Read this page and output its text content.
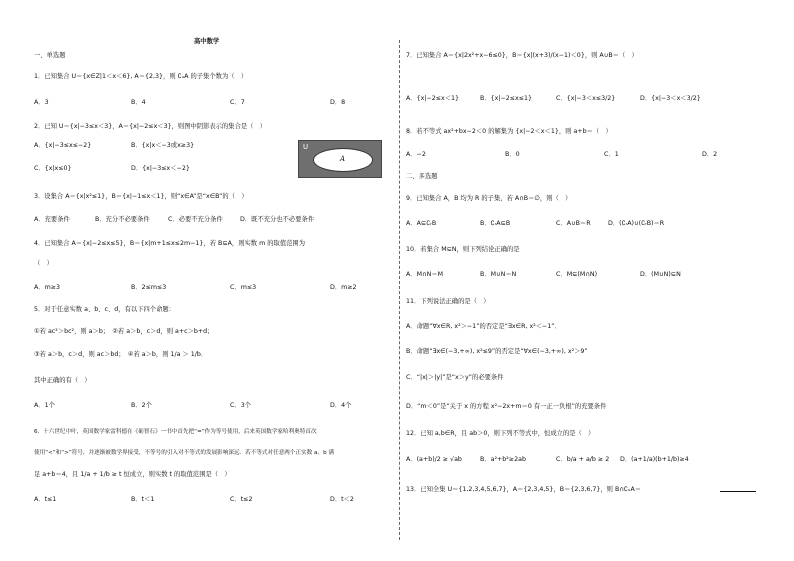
高中数学
一、单选题
1．已知集合 U＝{x∈Z|1＜x＜6}, A＝{2,3}，则 ∁ᵤA 的子集个数为（　）
A．3	B．4	C．7	D．8
2．已知 U＝{x|−3≤x＜3}，A＝{x|−2≤x＜3}，则图中阴影表示的集合是（　）
A．{x|−3≤x≤−2}	B．{x|x＜−3或x≥3}
C．{x|x≤0}	D．{x|−3≤x＜−2}
U
A
3．设集合 A＝{x|x²≤1}，B＝{x|−1≤x＜1}，则“x∈A”是“x∈B”的（　）
A．充要条件	B．充分不必要条件	C．必要不充分条件	D．既不充分也不必要条件
4．已知集合 A＝{x|−2≤x≤5}，B＝{x|m+1≤x≤2m−1}，若 B⊆A，则实数 m 的取值范围为
（　）
A．m≥3	B．2≤m≤3	C．m≤3	D．m≥2
5．对于任意实数 a、b、c、d，有以下四个命题：
①若 ac²＞bc²，则 a＞b；　②若 a＞b，c＞d，则 a+c＞b+d；
③若 a＞b，c＞d，则 ac＞bd；　④若 a＞b，则 1/a ＞ 1/b．
其中正确的有（　）
A．1个	B．2个	C．3个	D．4个
6．十六世纪中叶，英国数学家雷科德在《砺智石》一书中首先把“=”作为等号使用，后来英国数学家哈利奥特首次
使用“<”和“>”符号，并逐渐被数学界接受，不等号的引入对不等式的发展影响深远．若不等式对任意两个正实数 a、b 满
足 a+b＝4，且 1/a + 1/b ≥ t 恒成立，则实数 t 的取值范围是（　）
A．t≤1	B．t＜1	C．t≤2	D．t＜2
7．已知集合 A＝{x|2x²+x−6≤0}，B＝{x|(x+3)/(x−1)＜0}，则 A∪B＝（　）
A．{x|−2≤x＜1}	B．{x|−2≤x≤1}	C．{x|−3＜x≤3/2}	D．{x|−3＜x＜3/2}
8．若不等式 ax²+bx−2＜0 的解集为 {x|−2＜x＜1}，则 a+b＝（　）
A．−2	B．0	C．1	D．2
二、多选题
9．已知集合 A，B 均为 R 的子集，若 A∩B＝∅，则（　）
A．A⊆∁ᵣB	B．∁ᵣA⊆B	C．A∪B＝R	D．(∁ᵣA)∪(∁ᵣB)＝R
10．若集合 M⊆N，则下列结论正确的是
A．M∩N＝M	B．M∪N＝N	C．M⊆(M∩N)	D．(M∪N)⊆N
11．下列说法正确的是（　）
A．命题“∀x∈R, x²＞−1”的否定是“∃x∈R, x²＜−1”．
B．命题“∃x∈(−3,+∞), x²≤9”的否定是“∀x∈(−3,+∞), x²＞9”
C．“|x|＞|y|”是“x＞y”的必要条件
D．“m＜0”是“关于 x 的方程 x²−2x+m＝0 有一正一负根”的充要条件
12．已知 a,b∈R，且 ab＞0，则下列不等式中，恒成立的是（　）
A．(a+b)/2 ≥ √ab	B．a²+b²≥2ab	C．b/a + a/b ≥ 2 D．(a+1/a)(b+1/b)≥4
13．已知全集 U＝{1,2,3,4,5,6,7}，A＝{2,3,4,5}，B＝{2,3,6,7}，则 B∩∁ᵤA＝
